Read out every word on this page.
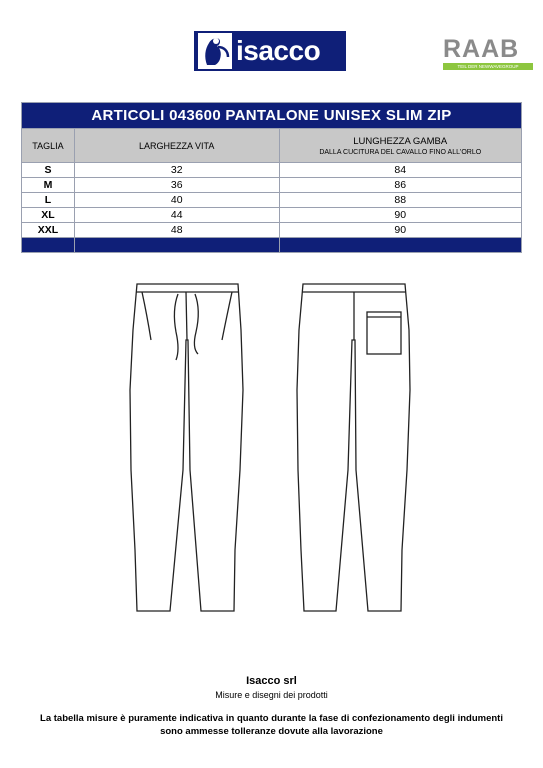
isacco	RAAB
TEIL DER NEWWAVEGROUP
ARTICOLI 043600 PANTALONE UNISEX SLIM ZIP		
TAGLIA	LARGHEZZA VITA	LUNGHEZZA GAMBA
DALLA CUCITURA DEL CAVALLO FINO ALL'ORLO

S	32	84
M	36	86
L	40	88
XL	44	90
XXL	48	90

Isacco srl
Misure e disegni dei prodotti
La tabella misure è puramente indicativa in quanto durante la fase di confezionamento degli indumenti
sono ammesse tolleranze dovute alla lavorazione
